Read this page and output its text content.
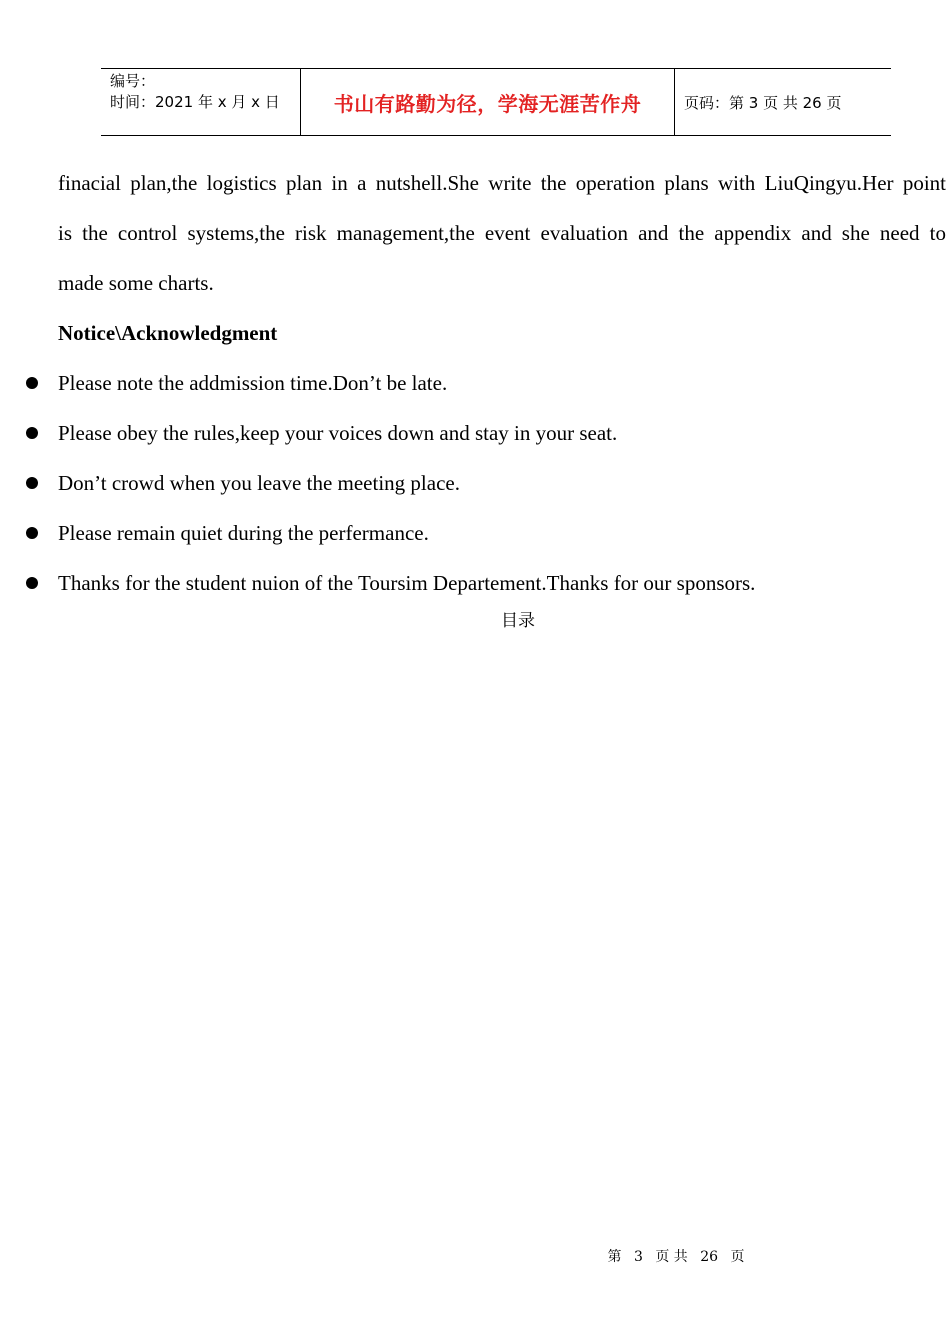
编号：
时间：2021 年 x 月 x 日	书山有路勤为径，学海无涯苦作舟	页码：第 3 页 共 26 页
finacial plan,the logistics plan in a nutshell.She write the operation plans with LiuQingyu.Her point
is the control systems,the risk management,the event evaluation and the appendix and she need to
made some charts.
Notice\Acknowledgment
Please note the addmission time.Don’t be late.
Please obey the rules,keep your voices down and stay in your seat.
Don’t crowd when you leave the meeting place.
Please remain quiet during the perfermance.
Thanks for the student nuion of the Toursim Departement.Thanks for our sponsors.
目录
第 3 页 共 26 页
